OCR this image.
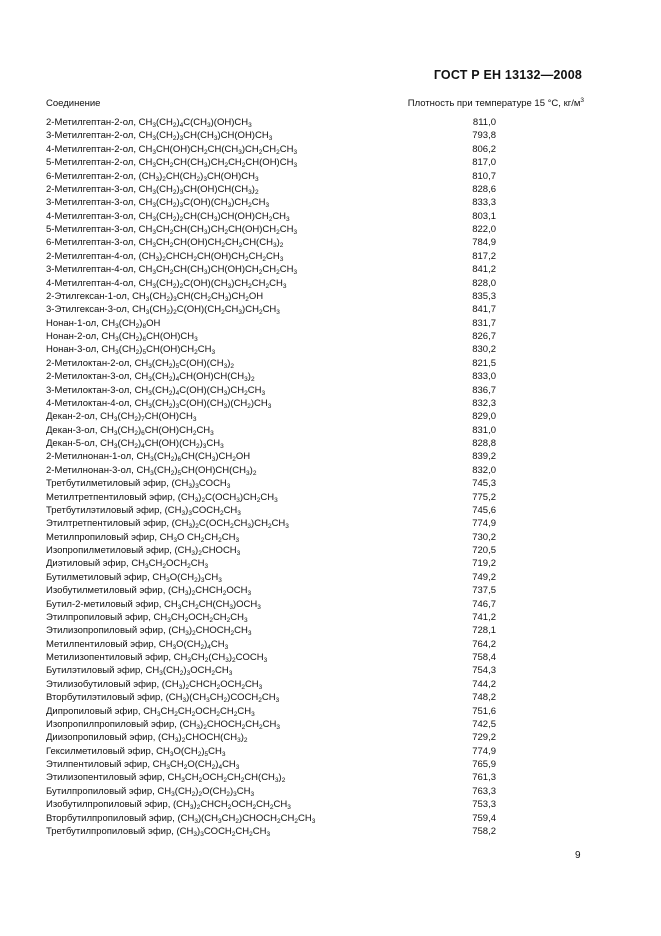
ГОСТ Р ЕН 13132—2008
Соединение	Плотность при температуре 15 °С, $кг/м^3$
2-Метилгептан-2-ол, $CH_3(CH_2)_4C(CH_3)(OH)CH_3$	811,0
3-Метилгептан-2-ол, $CH_3(CH_2)_3CH(CH_3)CH(OH)CH_3$	793,8
4-Метилгептан-2-ол, $CH_3CH(OH)CH_2CH(CH_3)CH_2CH_2CH_3$	806,2
5-Метилгептан-2-ол, $CH_3CH_2CH(CH_3)CH_2CH_2CH(OH)CH_3$	817,0
6-Метилгептан-2-ол, $(CH_3)_2CH(CH_2)_3CH(OH)CH_3$	810,7
2-Метилгептан-3-ол, $CH_3(CH_2)_3CH(OH)CH(CH_3)_2$	828,6
3-Метилгептан-3-ол, $CH_3(CH_2)_3C(OH)(CH_3)CH_2CH_3$	833,3
4-Метилгептан-3-ол, $CH_3(CH_2)_2CH(CH_3)CH(OH)CH_2CH_3$	803,1
5-Метилгептан-3-ол, $CH_3CH_2CH(CH_3)CH_2CH(OH)CH_2CH_3$	822,0
6-Метилгептан-3-ол, $CH_3CH_2CH(OH)CH_2CH_2CH(CH_3)_2$	784,9
2-Метилгептан-4-ол, $(CH_3)_2CHCH_2CH(OH)CH_2CH_2CH_3$	817,2
3-Метилгептан-4-ол, $CH_3CH_2CH(CH_3)CH(OH)CH_2CH_2CH_3$	841,2
4-Метилгептан-4-ол, $CH_3(CH_2)_2C(OH)(CH_3)CH_2CH_2CH_3$	828,0
2-Этилгексан-1-ол, $CH_3(CH_2)_3CH(CH_2CH_3)CH_2OH$	835,3
3-Этилгексан-3-ол, $CH_3(CH_2)_2C(OH)(CH_2CH_3)CH_2CH_3$	841,7
Нонан-1-ол, $CH_3(CH_2)_8OH$	831,7
Нонан-2-ол, $CH_3(CH_2)_6CH(OH)CH_3$	826,7
Нонан-3-ол, $CH_3(CH_2)_5CH(OH)CH_2CH_3$	830,2
2-Метилоктан-2-ол, $CH_3(CH_2)_5C(OH)(CH_3)_2$	821,5
2-Метилоктан-3-ол, $CH_3(CH_2)_4CH(OH)CH(CH_3)_2$	833,0
3-Метилоктан-3-ол, $CH_3(CH_2)_4C(OH)(CH_3)CH_2CH_3$	836,7
4-Метилоктан-4-ол, $CH_3(CH_2)_3C(OH)(CH_3)(CH_2)CH_3$	832,3
Декан-2-ол, $CH_3(CH_2)_7CH(OH)CH_3$	829,0
Декан-3-ол, $CH_3(CH_2)_6CH(OH)CH_2CH_3$	831,0
Декан-5-ол, $CH_3(CH_2)_4CH(OH)(CH_2)_3CH_3$	828,8
2-Метилнонан-1-ол, $CH_3(CH_2)_6CH(CH_3)CH_2OH$	839,2
2-Метилнонан-3-ол, $CH_3(CH_2)_5CH(OH)CH(CH_3)_2$	832,0
Третбутилметиловый эфир, $(CH_3)_3COCH_3$	745,3
Метилтретпентиловый эфир, $(CH_3)_2C(OCH_3)CH_2CH_3$	775,2
Третбутилэтиловый эфир, $(CH_3)_3COCH_2CH_3$	745,6
Этилтретпентиловый эфир, $(CH_3)_2C(OCH_2CH_3)CH_2CH_3$	774,9
Метилпропиловый эфир, $CH_3O$ $CH_2CH_2CH_3$	730,2
Изопропилметиловый эфир, $(CH_3)_2CHOCH_3$	720,5
Диэтиловый эфир, $CH_3CH_2OCH_2CH_3$	719,2
Бутилметиловый эфир, $CH_3O(CH_2)_3CH_3$	749,2
Изобутилметиловый эфир, $(CH_3)_2CHCH_2OCH_3$	737,5
Бутил-2-метиловый эфир, $CH_3CH_2CH(CH_3)OCH_3$	746,7
Этилпропиловый эфир, $CH_3CH_2OCH_2CH_2CH_3$	741,2
Этилизопропиловый эфир, $(CH_3)_2CHOCH_2CH_3$	728,1
Метилпентиловый эфир, $CH_3O(CH_2)_4CH_3$	764,2
Метилизопентиловый эфир, $CH_3CH_2(CH_3)_2COCH_3$	758,4
Бутилэтиловый эфир, $CH_3(CH_2)_3OCH_2CH_3$	754,3
Этилизобутиловый эфир, $(CH_3)_2CHCH_2OCH_2CH_3$	744,2
Вторбутилэтиловый эфир, $(CH_3)(CH_3CH_2)COCH_2CH_3$	748,2
Дипропиловый эфир, $CH_3CH_2CH_2OCH_2CH_2CH_3$	751,6
Изопропилпропиловый эфир, $(CH_3)_2CHOCH_2CH_2CH_3$	742,5
Диизопропиловый эфир, $(CH_3)_2CHOCH(CH_3)_2$	729,2
Гексилметиловый эфир, $CH_3O(CH_2)_5CH_3$	774,9
Этилпентиловый эфир, $CH_3CH_2O(CH_2)_4CH_3$	765,9
Этилизопентиловый эфир, $CH_3CH_2OCH_2CH_2CH(CH_3)_2$	761,3
Бутилпропиловый эфир, $CH_3(CH_2)_2O(CH_2)_3CH_3$	763,3
Изобутилпропиловый эфир, $(CH_3)_2CHCH_2OCH_2CH_2CH_3$	753,3
Вторбутилпропиловый эфир, $(CH_3)(CH_3CH_2)CHOCH_2CH_2CH_3$	759,4
Третбутилпропиловый эфир, $(CH_3)_3COCH_2CH_2CH_3$	758,2
9
